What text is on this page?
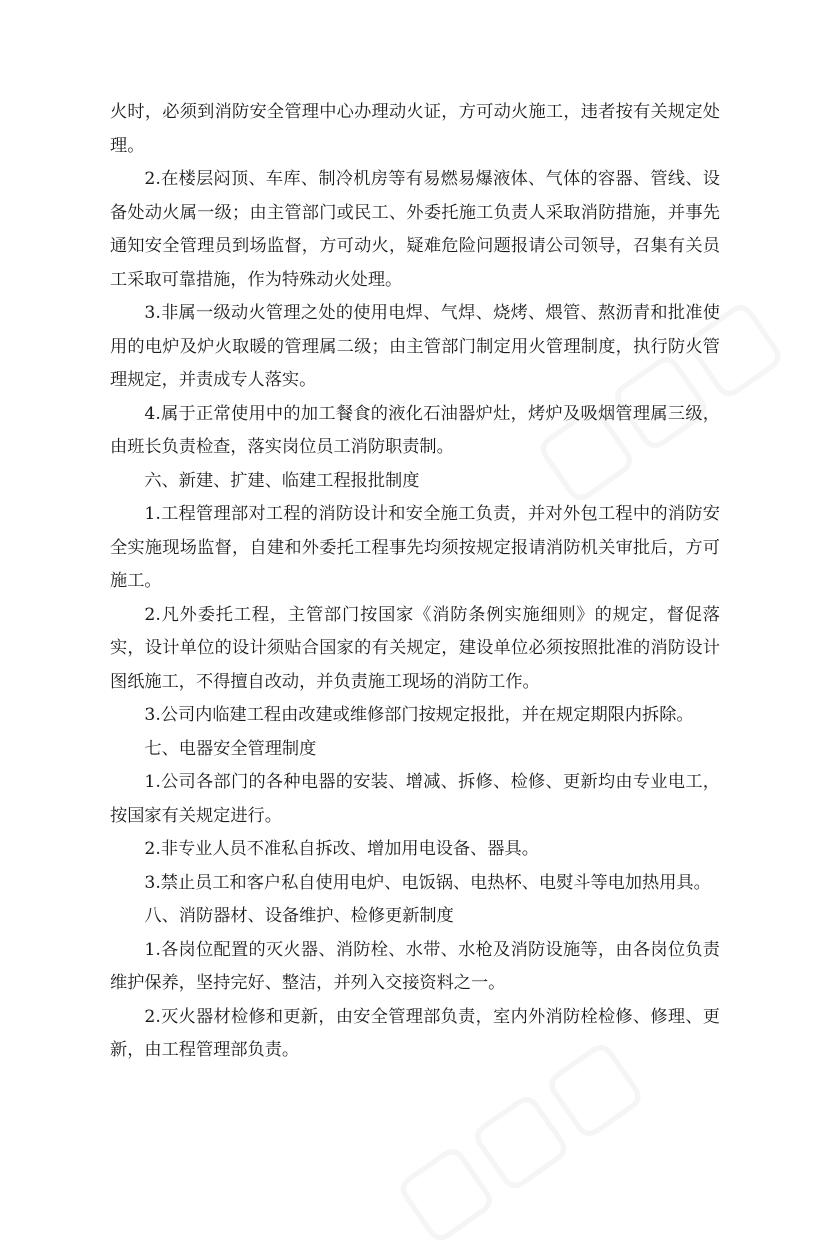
火时，必须到消防安全管理中心办理动火证，方可动火施工，违者按有关规定处理。

2.在楼层闷顶、车库、制冷机房等有易燃易爆液体、气体的容器、管线、设备处动火属一级；由主管部门或民工、外委托施工负责人采取消防措施，并事先通知安全管理员到场监督，方可动火，疑难危险问题报请公司领导，召集有关员工采取可靠措施，作为特殊动火处理。

3.非属一级动火管理之处的使用电焊、气焊、烧烤、煨管、熬沥青和批准使用的电炉及炉火取暖的管理属二级；由主管部门制定用火管理制度，执行防火管理规定，并责成专人落实。

4.属于正常使用中的加工餐食的液化石油器炉灶，烤炉及吸烟管理属三级，由班长负责检查，落实岗位员工消防职责制。

六、新建、扩建、临建工程报批制度

1.工程管理部对工程的消防设计和安全施工负责，并对外包工程中的消防安全实施现场监督，自建和外委托工程事先均须按规定报请消防机关审批后，方可施工。

2.凡外委托工程，主管部门按国家《消防条例实施细则》的规定，督促落实，设计单位的设计须贴合国家的有关规定，建设单位必须按照批准的消防设计图纸施工，不得擅自改动，并负责施工现场的消防工作。

3.公司内临建工程由改建或维修部门按规定报批，并在规定期限内拆除。

七、电器安全管理制度

1.公司各部门的各种电器的安装、增减、拆修、检修、更新均由专业电工，按国家有关规定进行。

2.非专业人员不准私自拆改、增加用电设备、器具。

3.禁止员工和客户私自使用电炉、电饭锅、电热杯、电熨斗等电加热用具。

八、消防器材、设备维护、检修更新制度

1.各岗位配置的灭火器、消防栓、水带、水枪及消防设施等，由各岗位负责维护保养，坚持完好、整洁，并列入交接资料之一。

2.灭火器材检修和更新，由安全管理部负责，室内外消防栓检修、修理、更新，由工程管理部负责。
